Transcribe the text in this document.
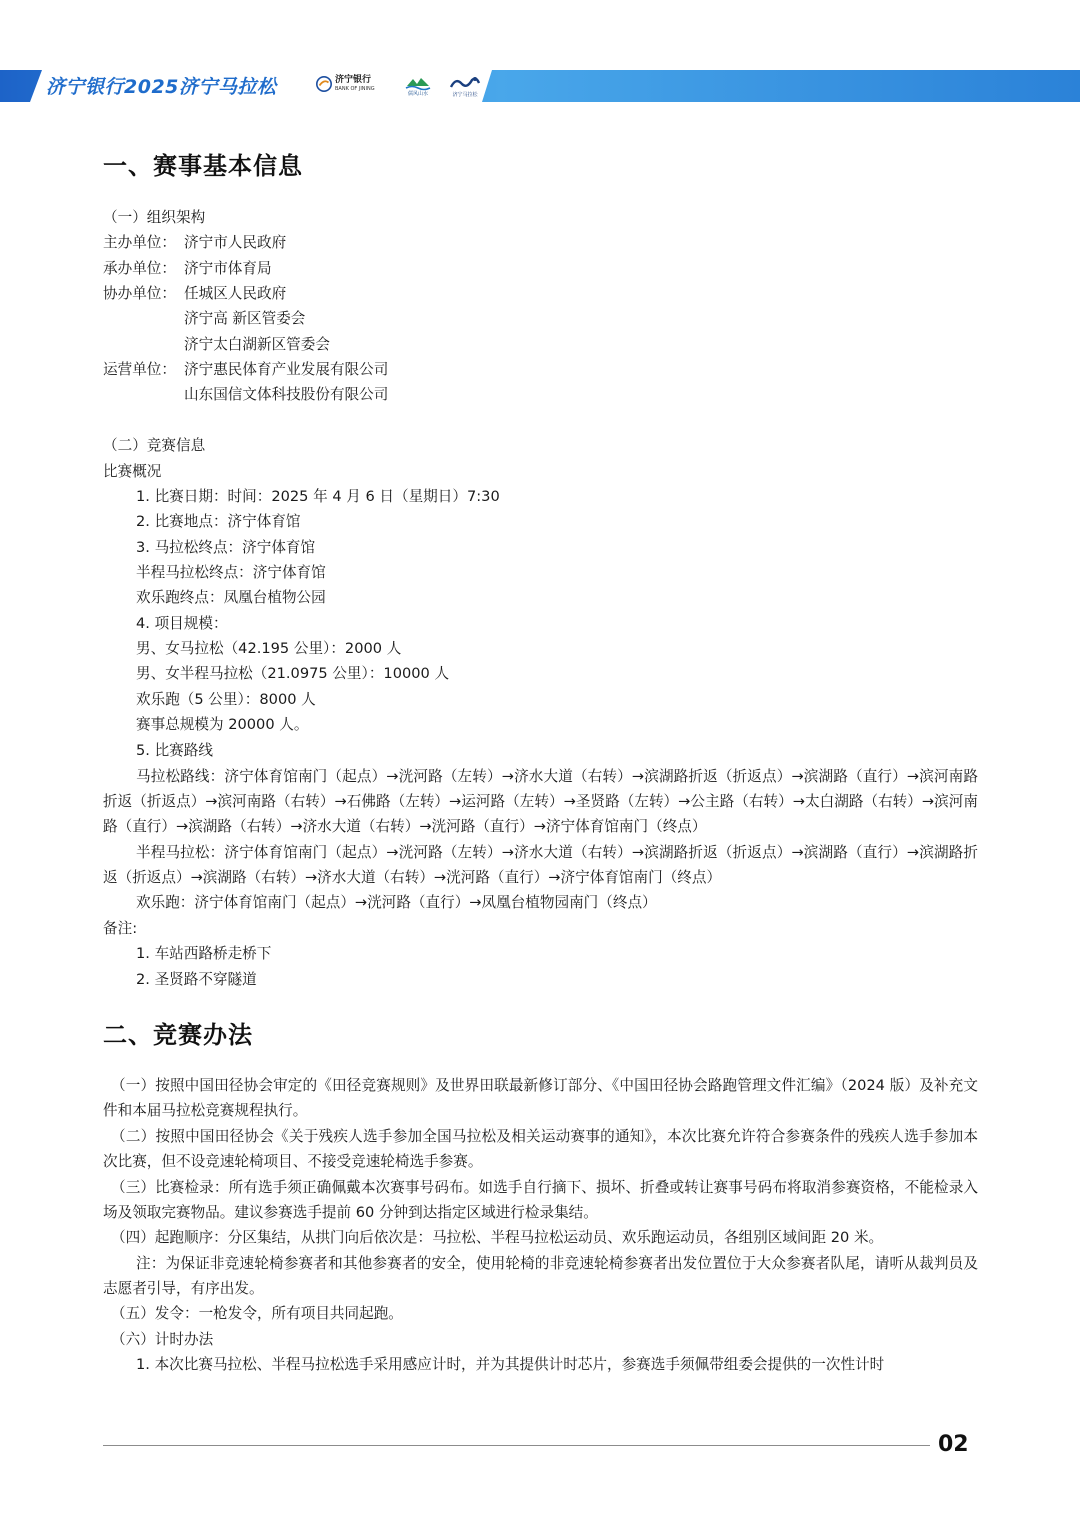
济宁银行2025济宁马拉松	济宁银行
BANK OF JINING
儒风山水	济宁马拉松
一、赛事基本信息
（一）组织架构
主办单位： 济宁市人民政府
承办单位： 济宁市体育局
协办单位： 任城区人民政府
济宁高 新区管委会
济宁太白湖新区管委会
运营单位： 济宁惠民体育产业发展有限公司
山东国信文体科技股份有限公司
（二）竞赛信息
比赛概况
1. 比赛日期：时间：2025 年 4 月 6 日（星期日）7:30
2. 比赛地点：济宁体育馆
3. 马拉松终点：济宁体育馆
半程马拉松终点：济宁体育馆
欢乐跑终点：凤凰台植物公园
4. 项目规模：
男、女马拉松（42.195 公里）：2000 人
男、女半程马拉松（21.0975 公里）：10000 人
欢乐跑（5 公里）：8000 人
赛事总规模为 20000 人。
5. 比赛路线
马拉松路线：济宁体育馆南门（起点）→洸河路（左转）→济水大道（右转）→滨湖路折返（折返点）→滨湖路（直行）→滨河南路折返（折返点）→滨河南路（右转）→石佛路（左转）→运河路（左转）→圣贤路（左转）→公主路（右转）→太白湖路（右转）→滨河南路（直行）→滨湖路（右转）→济水大道（右转）→洸河路（直行）→济宁体育馆南门（终点）
半程马拉松：济宁体育馆南门（起点）→洸河路（左转）→济水大道（右转）→滨湖路折返（折返点）→滨湖路（直行）→滨湖路折返（折返点）→滨湖路（右转）→济水大道（右转）→洸河路（直行）→济宁体育馆南门（终点）
欢乐跑：济宁体育馆南门（起点）→洸河路（直行）→凤凰台植物园南门（终点）
备注:
1. 车站西路桥走桥下
2. 圣贤路不穿隧道
二、竞赛办法
（一）按照中国田径协会审定的《田径竞赛规则》及世界田联最新修订部分、《中国田径协会路跑管理文件汇编》（2024 版）及补充文件和本届马拉松竞赛规程执行。
（二）按照中国田径协会《关于残疾人选手参加全国马拉松及相关运动赛事的通知》，本次比赛允许符合参赛条件的残疾人选手参加本次比赛，但不设竞速轮椅项目、不接受竞速轮椅选手参赛。
（三）比赛检录：所有选手须正确佩戴本次赛事号码布。如选手自行摘下、损坏、折叠或转让赛事号码布将取消参赛资格，不能检录入场及领取完赛物品。建议参赛选手提前 60 分钟到达指定区域进行检录集结。
（四）起跑顺序：分区集结，从拱门向后依次是：马拉松、半程马拉松运动员、欢乐跑运动员，各组别区域间距 20 米。
注：为保证非竞速轮椅参赛者和其他参赛者的安全，使用轮椅的非竞速轮椅参赛者出发位置位于大众参赛者队尾，请听从裁判员及志愿者引导，有序出发。
（五）发令：一枪发令，所有项目共同起跑。
（六）计时办法
1. 本次比赛马拉松、半程马拉松选手采用感应计时，并为其提供计时芯片，参赛选手须佩带组委会提供的一次性计时
02
